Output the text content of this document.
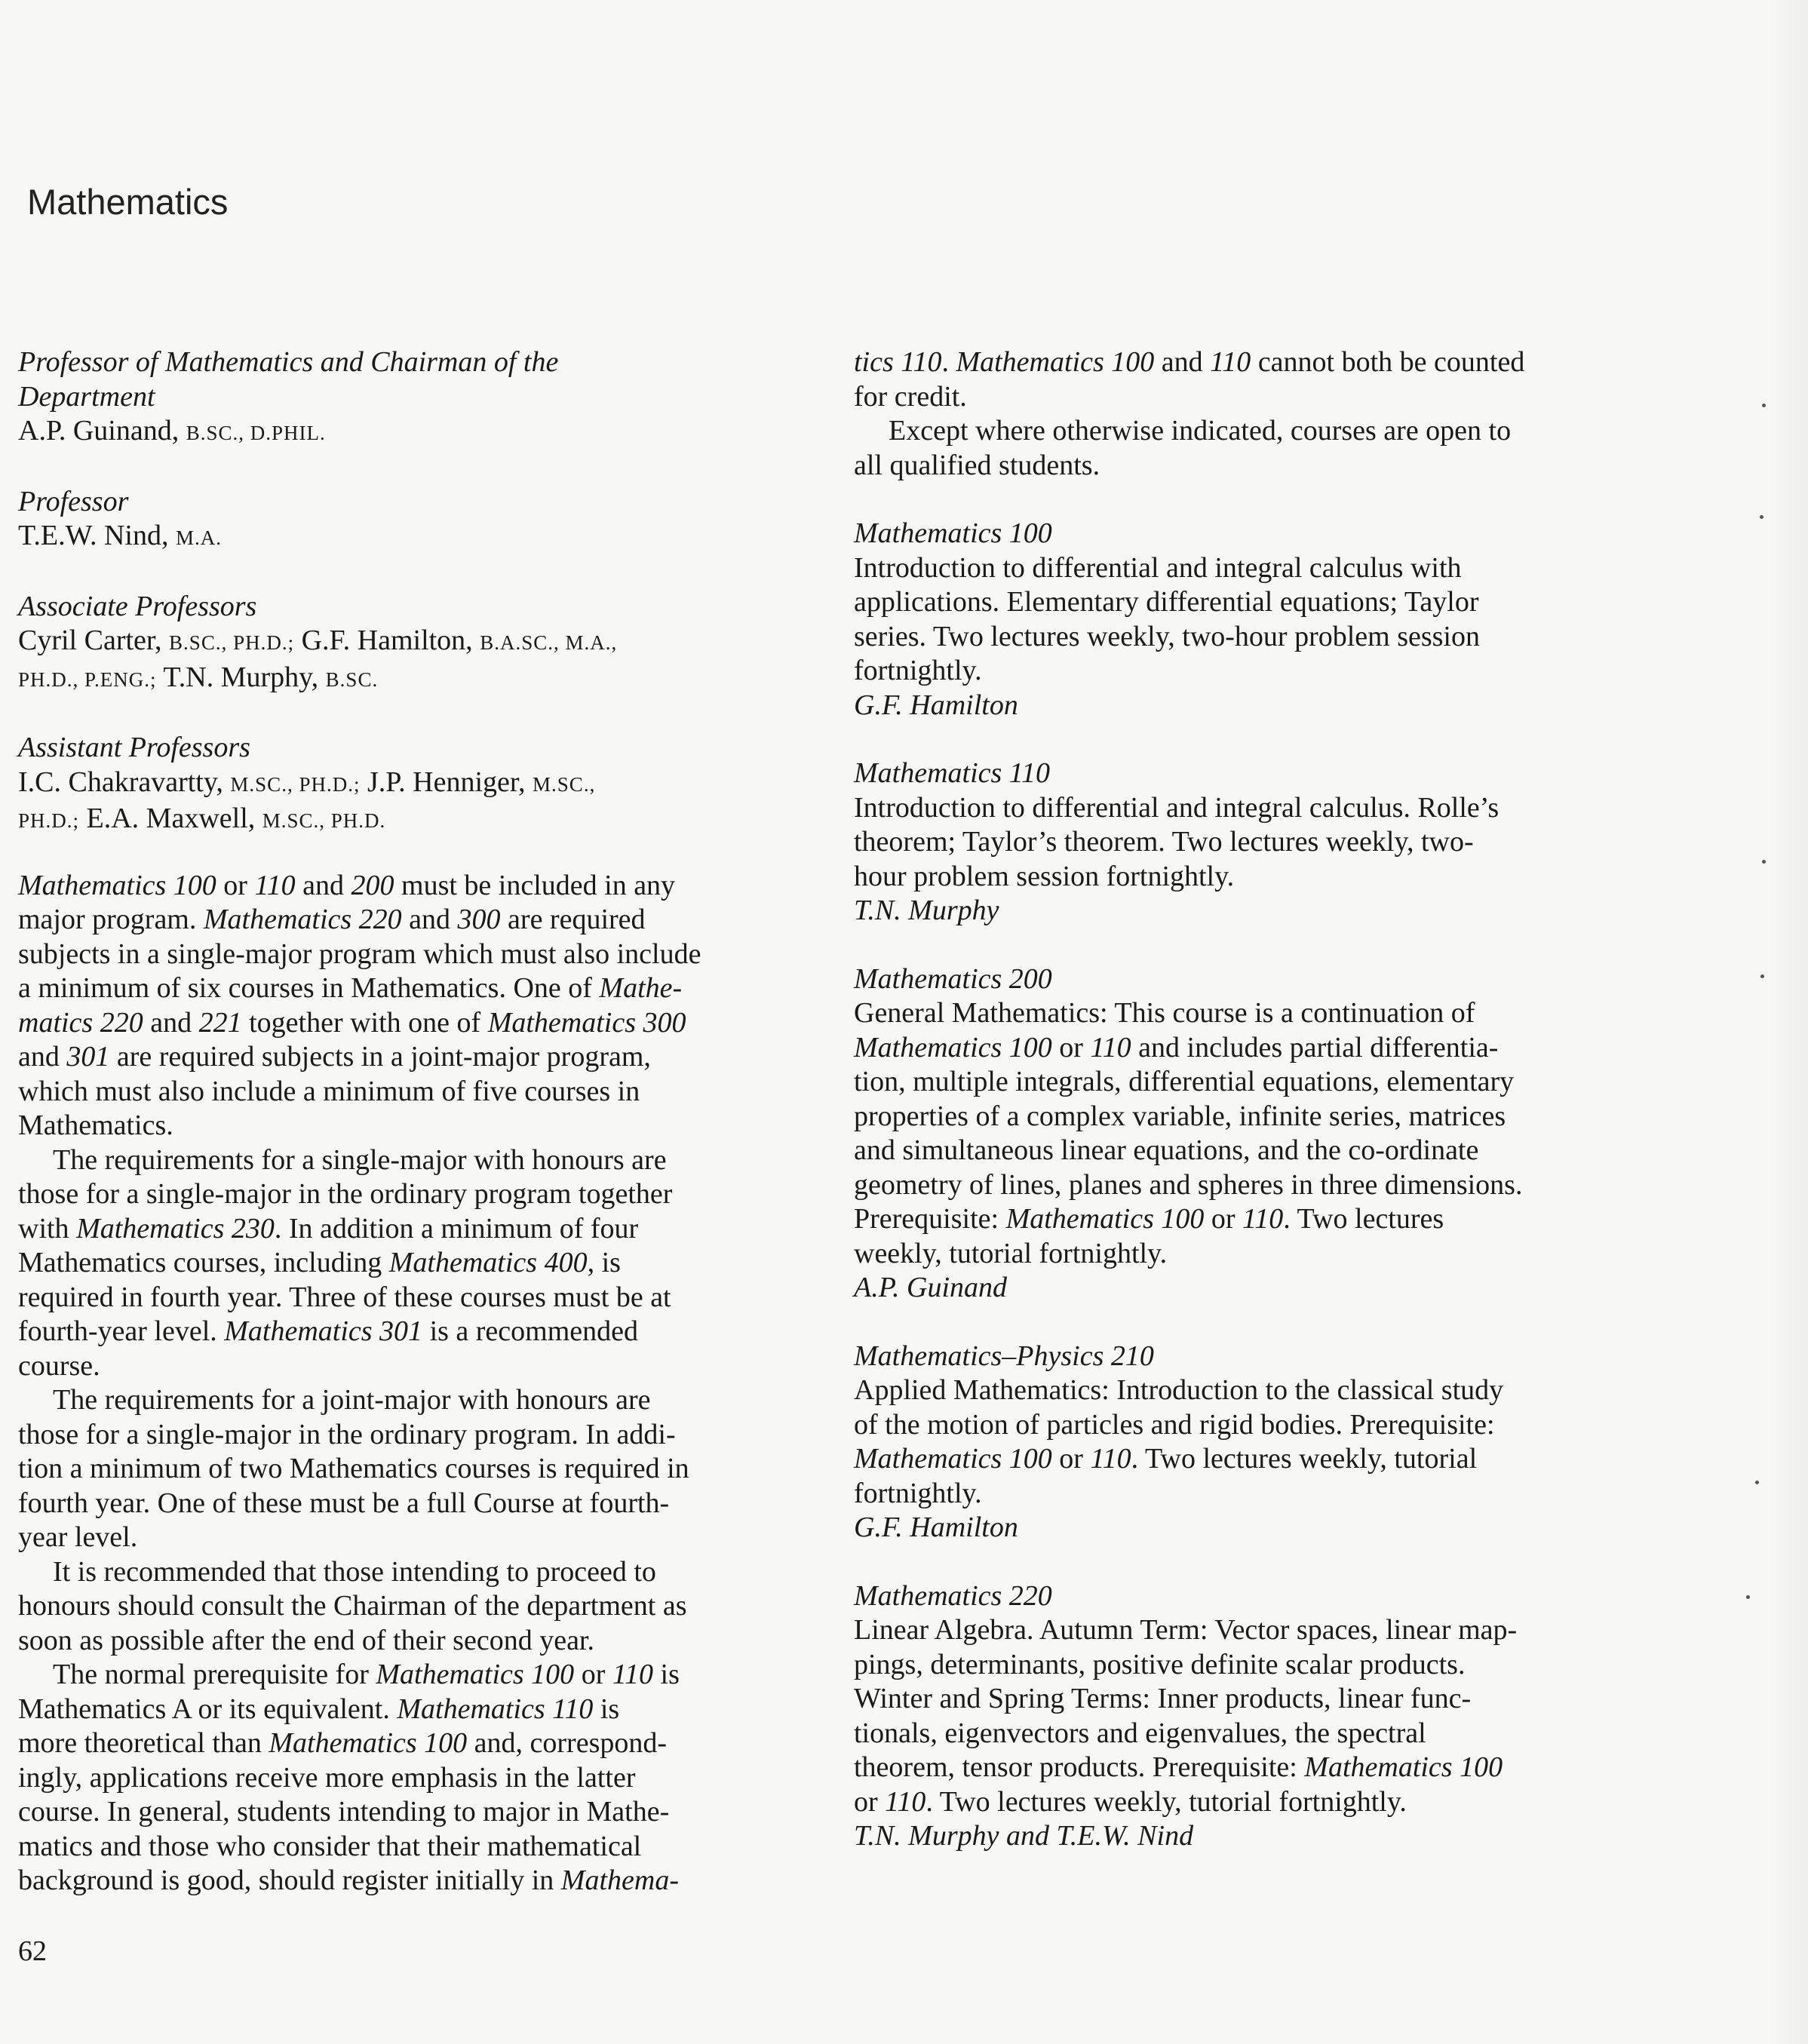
Mathematics
Professor of Mathematics and Chairman of the
Department
A.P. Guinand, B.SC., D.PHIL.
Professor
T.E.W. Nind, M.A.
Associate Professors
Cyril Carter, B.SC., PH.D.; G.F. Hamilton, B.A.SC., M.A.,
PH.D., P.ENG.; T.N. Murphy, B.SC.
Assistant Professors
I.C. Chakravartty, M.SC., PH.D.; J.P. Henniger, M.SC.,
PH.D.; E.A. Maxwell, M.SC., PH.D.
Mathematics 100 or 110 and 200 must be included in any
major program. Mathematics 220 and 300 are required
subjects in a single-major program which must also include
a minimum of six courses in Mathematics. One of Mathe-
matics 220 and 221 together with one of Mathematics 300
and 301 are required subjects in a joint-major program,
which must also include a minimum of five courses in
Mathematics.
The requirements for a single-major with honours are
those for a single-major in the ordinary program together
with Mathematics 230. In addition a minimum of four
Mathematics courses, including Mathematics 400, is
required in fourth year. Three of these courses must be at
fourth-year level. Mathematics 301 is a recommended
course.
The requirements for a joint-major with honours are
those for a single-major in the ordinary program. In addi-
tion a minimum of two Mathematics courses is required in
fourth year. One of these must be a full Course at fourth-
year level.
It is recommended that those intending to proceed to
honours should consult the Chairman of the department as
soon as possible after the end of their second year.
The normal prerequisite for Mathematics 100 or 110 is
Mathematics A or its equivalent. Mathematics 110 is
more theoretical than Mathematics 100 and, correspond-
ingly, applications receive more emphasis in the latter
course. In general, students intending to major in Mathe-
matics and those who consider that their mathematical
background is good, should register initially in Mathema-
tics 110. Mathematics 100 and 110 cannot both be counted
for credit.
Except where otherwise indicated, courses are open to
all qualified students.
Mathematics 100
Introduction to differential and integral calculus with
applications. Elementary differential equations; Taylor
series. Two lectures weekly, two-hour problem session
fortnightly.
G.F. Hamilton
Mathematics 110
Introduction to differential and integral calculus. Rolle’s
theorem; Taylor’s theorem. Two lectures weekly, two-
hour problem session fortnightly.
T.N. Murphy
Mathematics 200
General Mathematics: This course is a continuation of
Mathematics 100 or 110 and includes partial differentia-
tion, multiple integrals, differential equations, elementary
properties of a complex variable, infinite series, matrices
and simultaneous linear equations, and the co-ordinate
geometry of lines, planes and spheres in three dimensions.
Prerequisite: Mathematics 100 or 110. Two lectures
weekly, tutorial fortnightly.
A.P. Guinand
Mathematics–Physics 210
Applied Mathematics: Introduction to the classical study
of the motion of particles and rigid bodies. Prerequisite:
Mathematics 100 or 110. Two lectures weekly, tutorial
fortnightly.
G.F. Hamilton
Mathematics 220
Linear Algebra. Autumn Term: Vector spaces, linear map-
pings, determinants, positive definite scalar products.
Winter and Spring Terms: Inner products, linear func-
tionals, eigenvectors and eigenvalues, the spectral
theorem, tensor products. Prerequisite: Mathematics 100
or 110. Two lectures weekly, tutorial fortnightly.
T.N. Murphy and T.E.W. Nind
62
